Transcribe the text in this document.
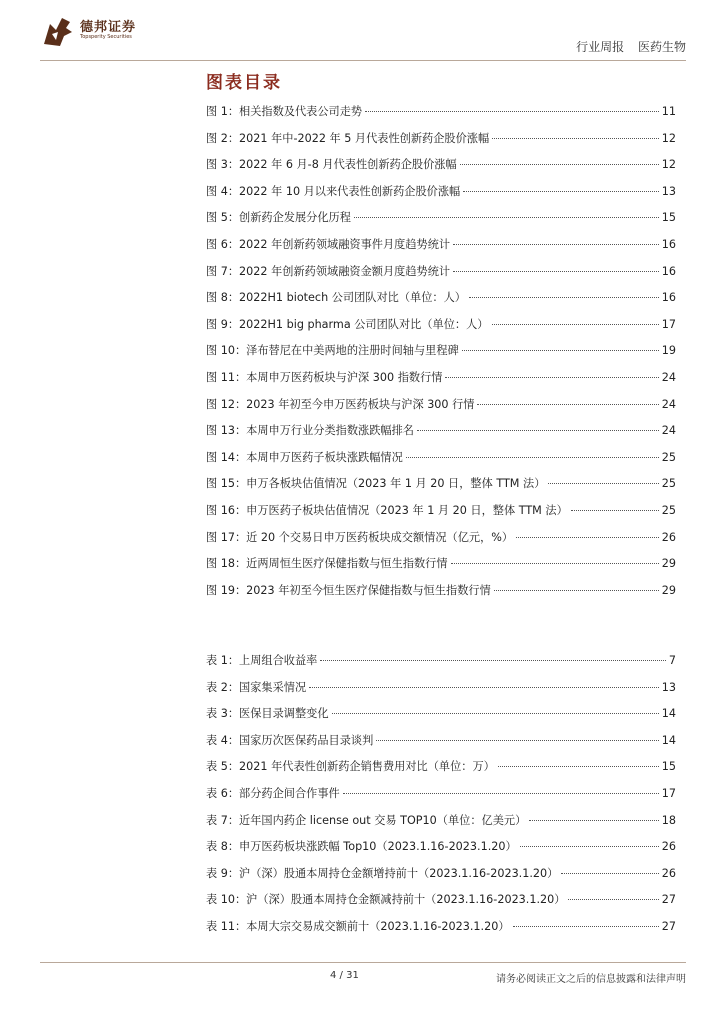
德邦证券
Topsperity Securities
行业周报 医药生物
图表目录
图 1：相关指数及代表公司走势	11
图 2：2021 年中-2022 年 5 月代表性创新药企股价涨幅	12
图 3：2022 年 6 月-8 月代表性创新药企股价涨幅	12
图 4：2022 年 10 月以来代表性创新药企股价涨幅	13
图 5：创新药企发展分化历程	15
图 6：2022 年创新药领域融资事件月度趋势统计	16
图 7：2022 年创新药领域融资金额月度趋势统计	16
图 8：2022H1 biotech 公司团队对比（单位：人）	16
图 9：2022H1 big pharma 公司团队对比（单位：人）	17
图 10：泽布替尼在中美两地的注册时间轴与里程碑	19
图 11：本周申万医药板块与沪深 300 指数行情	24
图 12：2023 年初至今申万医药板块与沪深 300 行情	24
图 13：本周申万行业分类指数涨跌幅排名	24
图 14：本周申万医药子板块涨跌幅情况	25
图 15：申万各板块估值情况（2023 年 1 月 20 日，整体 TTM 法）	25
图 16：申万医药子板块估值情况（2023 年 1 月 20 日，整体 TTM 法）	25
图 17：近 20 个交易日申万医药板块成交额情况（亿元，%）	26
图 18：近两周恒生医疗保健指数与恒生指数行情	29
图 19：2023 年初至今恒生医疗保健指数与恒生指数行情	29
表 1：上周组合收益率	7
表 2：国家集采情况	13
表 3：医保目录调整变化	14
表 4：国家历次医保药品目录谈判	14
表 5：2021 年代表性创新药企销售费用对比（单位：万）	15
表 6：部分药企间合作事件	17
表 7：近年国内药企 license out 交易 TOP10（单位：亿美元）	18
表 8：申万医药板块涨跌幅 Top10（2023.1.16-2023.1.20）	26
表 9：沪（深）股通本周持仓金额增持前十（2023.1.16-2023.1.20）	26
表 10：沪（深）股通本周持仓金额减持前十（2023.1.16-2023.1.20）	27
表 11：本周大宗交易成交额前十（2023.1.16-2023.1.20）	27
4 / 31	请务必阅读正文之后的信息披露和法律声明
